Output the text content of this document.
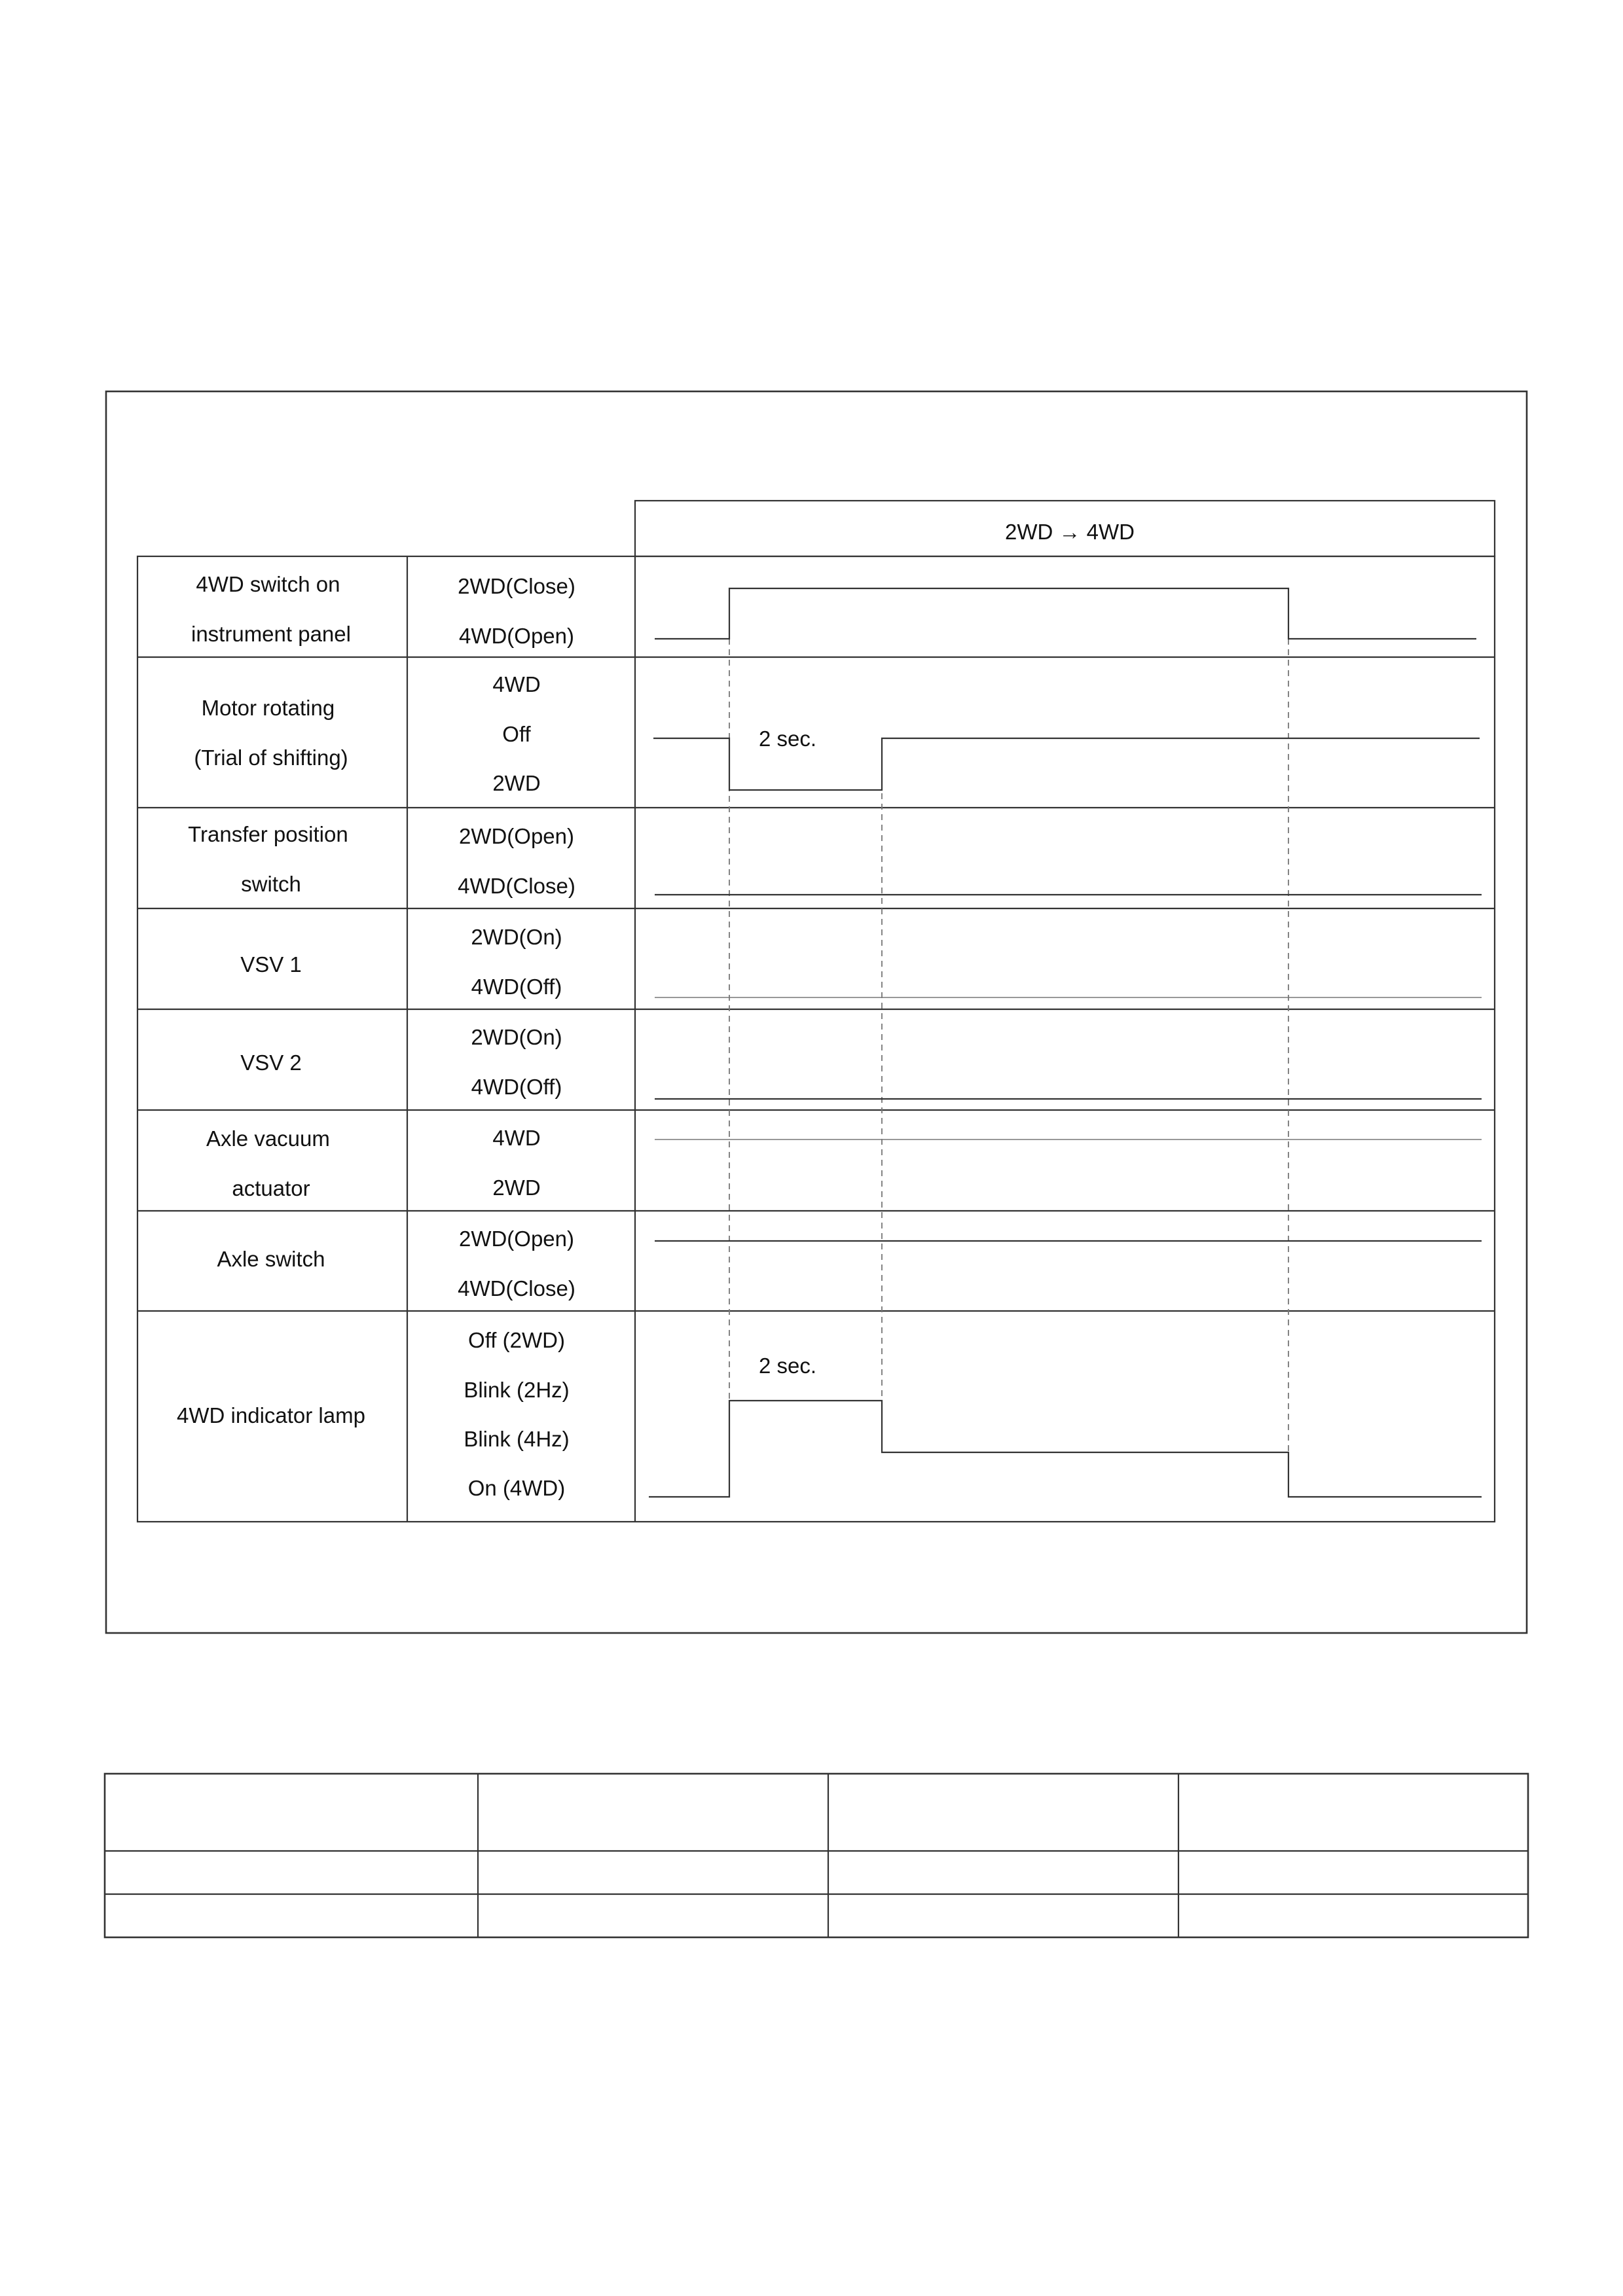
2WD → 4WD
4WD switch on instrument panel
2WD(Close)
4WD(Open)
Motor rotating (Trial of shifting)
4WD
Off
2WD
Transfer position switch
2WD(Open)
4WD(Close)
VSV 1
2WD(On)
4WD(Off)
VSV 2
2WD(On)
4WD(Off)
Axle vacuum actuator
4WD
2WD
Axle switch
2WD(Open)
4WD(Close)
4WD indicator lamp
Off (2WD)
Blink (2Hz)
Blink (4Hz)
On (4WD)
2 sec.
2 sec.
